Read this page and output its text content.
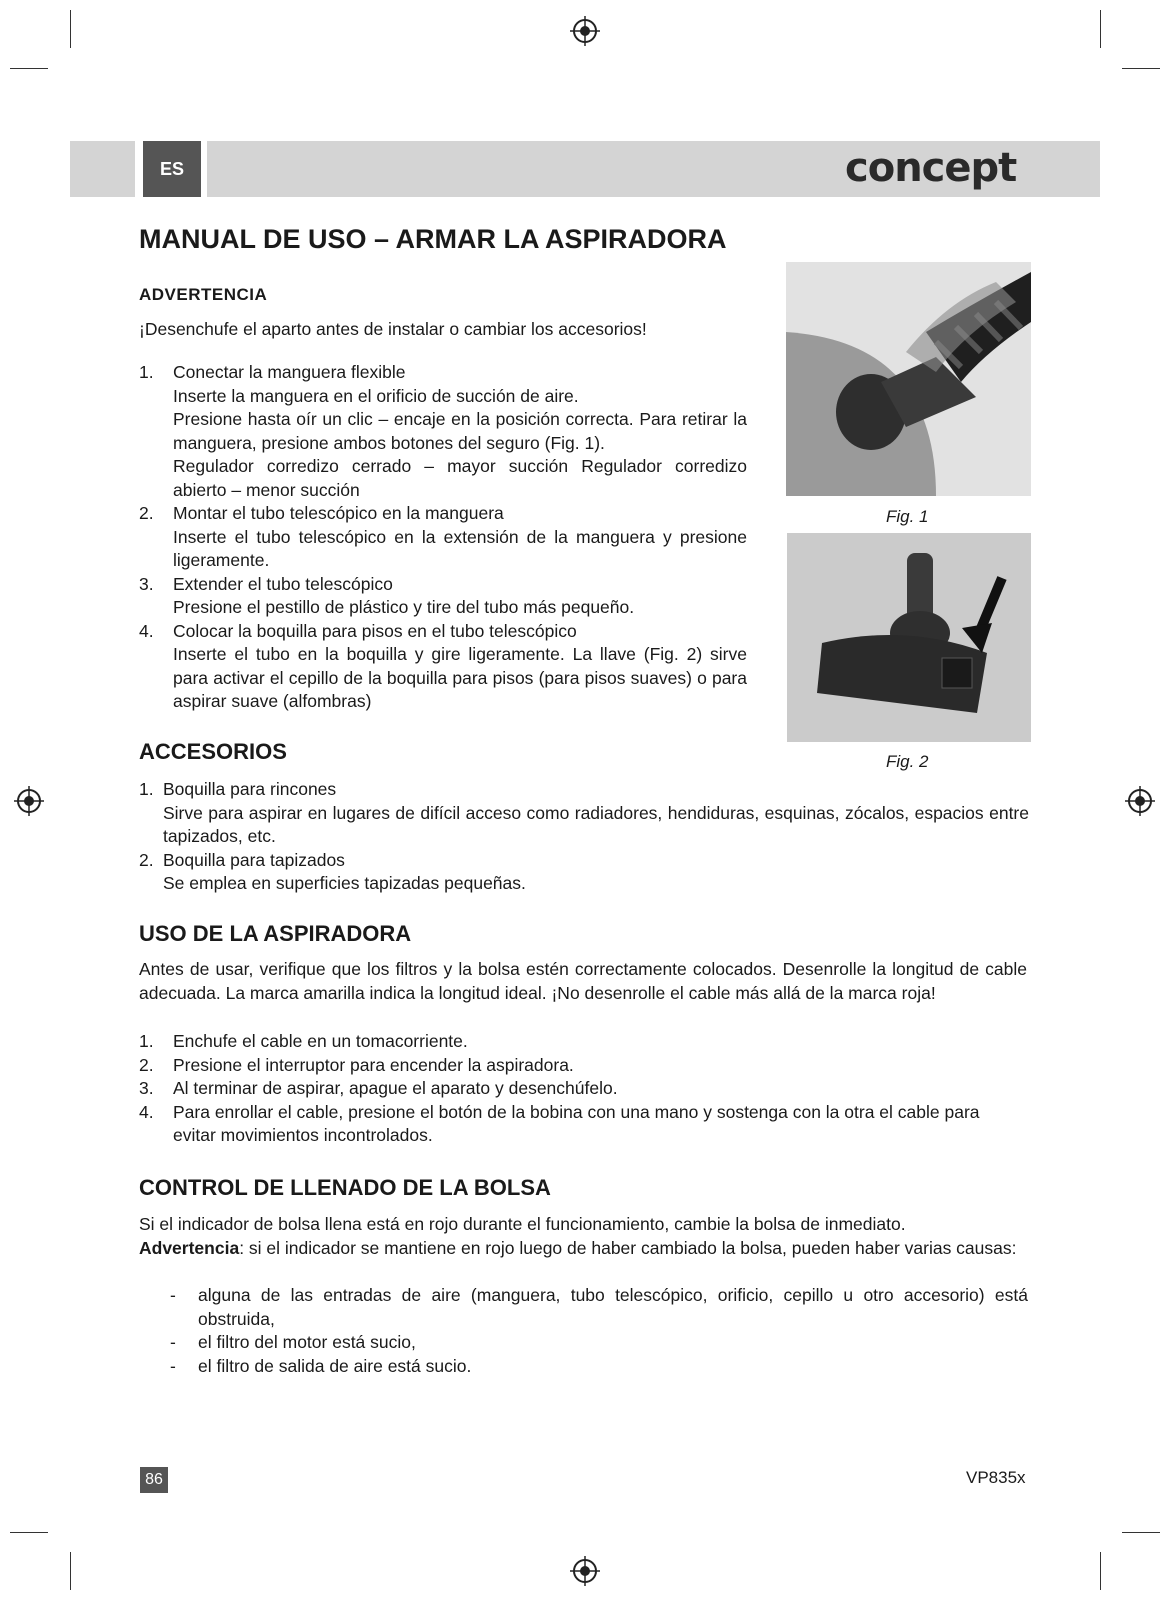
ES	concept
MANUAL DE USO – ARMAR LA ASPIRADORA
ADVERTENCIA

¡Desenchufe el aparto antes de instalar o cambiar los accesorios!

1. Conectar la manguera flexible
Inserte la manguera en el orificio de succión de aire.
Presione hasta oír un clic – encaje en la posición correcta. Para retirar la manguera, presione ambos botones del seguro (Fig. 1).
Regulador corredizo cerrado – mayor succión Regulador corredizo abierto – menor succión
2. Montar el tubo telescópico en la manguera
Inserte el tubo telescópico en la extensión de la manguera y presione ligeramente.
3. Extender el tubo telescópico
Presione el pestillo de plástico y tire del tubo más pequeño.
4. Colocar la boquilla para pisos en el tubo telescópico
Inserte el tubo en la boquilla y gire ligeramente. La llave (Fig. 2) sirve para activar el cepillo de la boquilla para pisos (para pisos suaves) o para aspirar suave (alfombras)
Fig. 1
Fig. 2
ACCESORIOS
1. Boquilla para rincones
Sirve para aspirar en lugares de difícil acceso como radiadores, hendiduras, esquinas, zócalos, espacios entre tapizados, etc.
2. Boquilla para tapizados
Se emplea en superficies tapizadas pequeñas.
USO DE LA ASPIRADORA

Antes de usar, verifique que los filtros y la bolsa estén correctamente colocados. Desenrolle la longitud de cable adecuada. La marca amarilla indica la longitud ideal. ¡No desenrolle el cable más allá de la marca roja!

1. Enchufe el cable en un tomacorriente.
2. Presione el interruptor para encender la aspiradora.
3. Al terminar de aspirar, apague el aparato y desenchúfelo.
4. Para enrollar el cable, presione el botón de la bobina con una mano y sostenga con la otra el cable para evitar movimientos incontrolados.
CONTROL DE LLENADO DE LA BOLSA

Si el indicador de bolsa llena está en rojo durante el funcionamiento, cambie la bolsa de inmediato.

Advertencia: si el indicador se mantiene en rojo luego de haber cambiado la bolsa, pueden haber varias causas:

- alguna de las entradas de aire (manguera, tubo telescópico, orificio, cepillo u otro accesorio) está obstruida,
- el filtro del motor está sucio,
- el filtro de salida de aire está sucio.
86	VP835x
